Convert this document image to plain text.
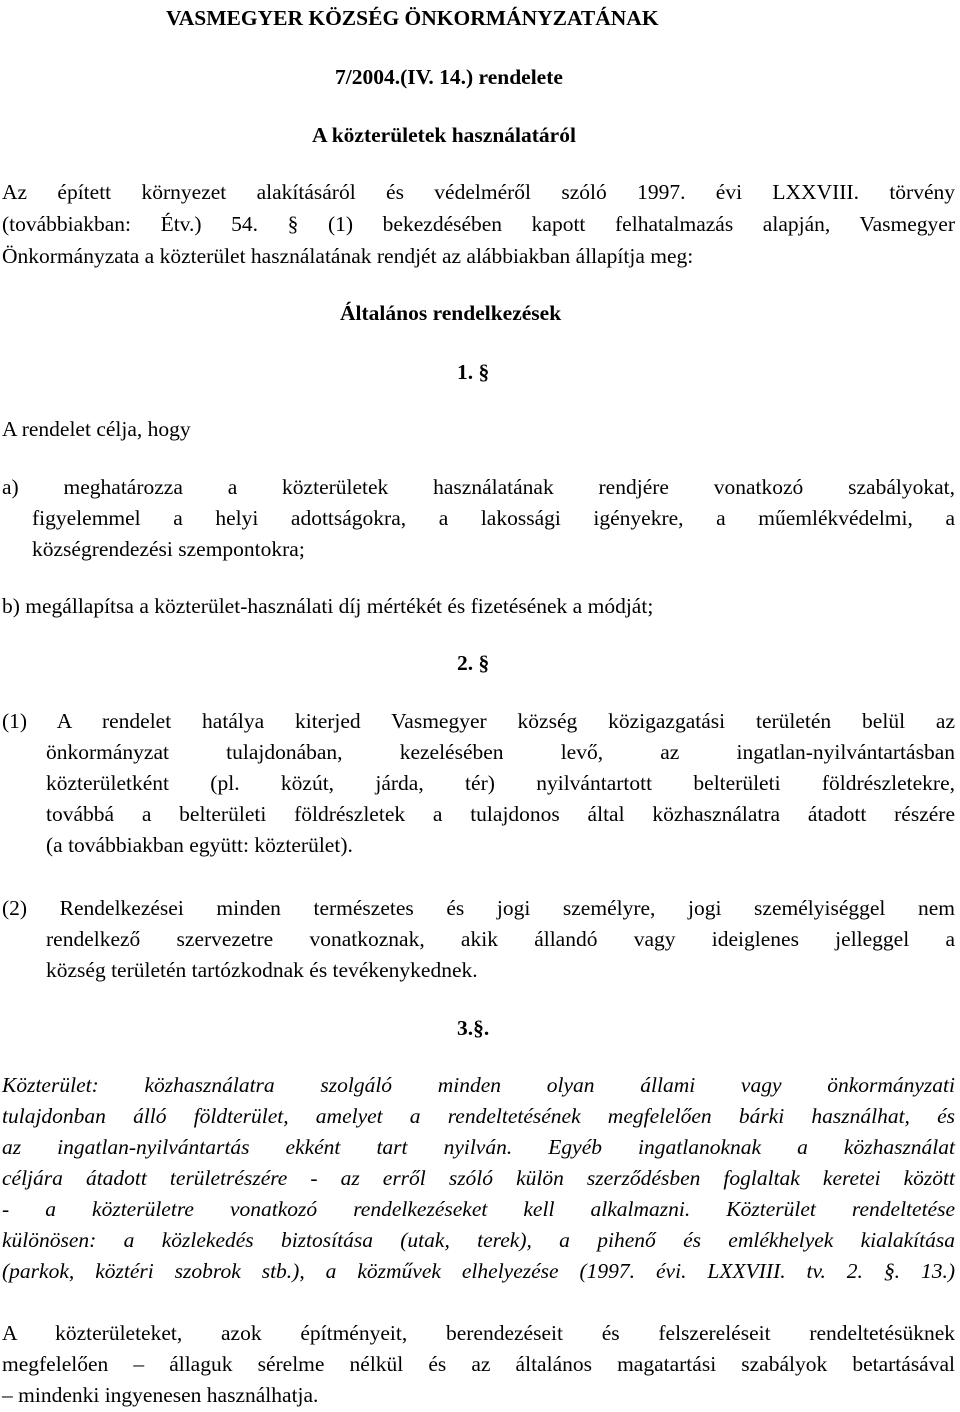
VASMEGYER KÖZSÉG ÖNKORMÁNYZATÁNAK
7/2004.(IV. 14.) rendelete
A közterületek használatáról
Az épített környezet alakításáról és védelméről szóló 1997. évi LXXVIII. törvény
(továbbiakban: Étv.) 54. § (1) bekezdésében kapott felhatalmazás alapján, Vasmegyer
Önkormányzata a közterület használatának rendjét az alábbiakban állapítja meg:
Általános rendelkezések
1. §
A rendelet célja, hogy
a) meghatározza a közterületek használatának rendjére vonatkozó szabályokat,
figyelemmel a helyi adottságokra, a lakossági igényekre, a műemlékvédelmi, a
községrendezési szempontokra;
b) megállapítsa a közterület-használati díj mértékét és fizetésének a módját;
2. §
(1) A rendelet hatálya kiterjed Vasmegyer község közigazgatási területén belül az
önkormányzat tulajdonában, kezelésében levő, az ingatlan-nyilvántartásban
közterületként (pl. közút, járda, tér) nyilvántartott belterületi földrészletekre,
továbbá a belterületi földrészletek a tulajdonos által közhasználatra átadott részére
(a továbbiakban együtt: közterület).
(2) Rendelkezései minden természetes és jogi személyre, jogi személyiséggel nem
rendelkező szervezetre vonatkoznak, akik állandó vagy ideiglenes jelleggel a
község területén tartózkodnak és tevékenykednek.
3.§.
Közterület: közhasználatra szolgáló minden olyan állami vagy önkormányzati
tulajdonban álló földterület, amelyet a rendeltetésének megfelelően bárki használhat, és
az ingatlan-nyilvántartás ekként tart nyilván. Egyéb ingatlanoknak a közhasználat
céljára átadott területrészére - az erről szóló külön szerződésben foglaltak keretei között
- a közterületre vonatkozó rendelkezéseket kell alkalmazni. Közterület rendeltetése
különösen: a közlekedés biztosítása (utak, terek), a pihenő és emlékhelyek kialakítása
(parkok, köztéri szobrok stb.), a közművek elhelyezése (1997. évi. LXXVIII. tv. 2. §. 13.)
A közterületeket, azok építményeit, berendezéseit és felszereléseit rendeltetésüknek
megfelelően – állaguk sérelme nélkül és az általános magatartási szabályok betartásával
– mindenki ingyenesen használhatja.
